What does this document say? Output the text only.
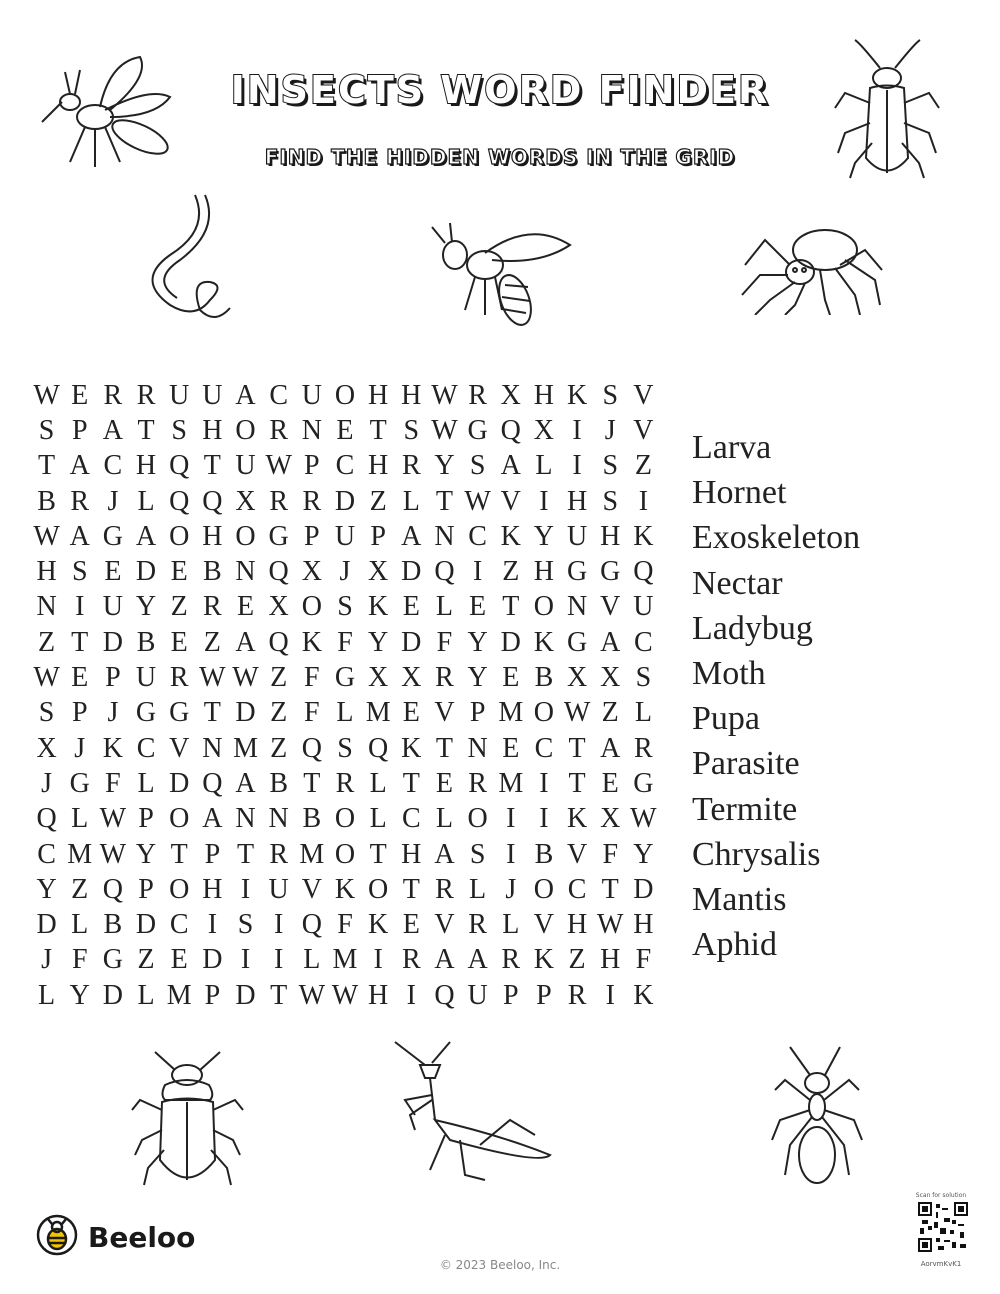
INSECTS WORD FINDER
FIND THE HIDDEN WORDS IN THE GRID
W E R R U U A C U O H H W R X H K S V
S P A T S H O R N E T S W G Q X I J V
T A C H Q T U W P C H R Y S A L I S Z
B R J L Q Q X R R D Z L T W V I H S I
W A G A O H O G P U P A N C K Y U H K
H S E D E B N Q X J X D Q I Z H G G Q
N I U Y Z R E X O S K E L E T O N V U
Z T D B E Z A Q K F Y D F Y D K G A C
W E P U R W W Z F G X X R Y E B X X S
S P J G G T D Z F L M E V P M O W Z L
X J K C V N M Z Q S Q K T N E C T A R
J G F L D Q A B T R L T E R M I T E G
Q L W P O A N N B O L C L O I I K X W
C M W Y T P T R M O T H A S I B V F Y
Y Z Q P O H I U V K O T R L J O C T D
D L B D C I S I Q F K E V R L V H W H
J F G Z E D I I L M I R A A R K Z H F
L Y D L M P D T W W H I Q U P P R I K
Larva
Hornet
Exoskeleton
Nectar
Ladybug
Moth
Pupa
Parasite
Termite
Chrysalis
Mantis
Aphid
Beeloo
© 2023 Beeloo, Inc.
Scan for solution
AorvmKvK1
